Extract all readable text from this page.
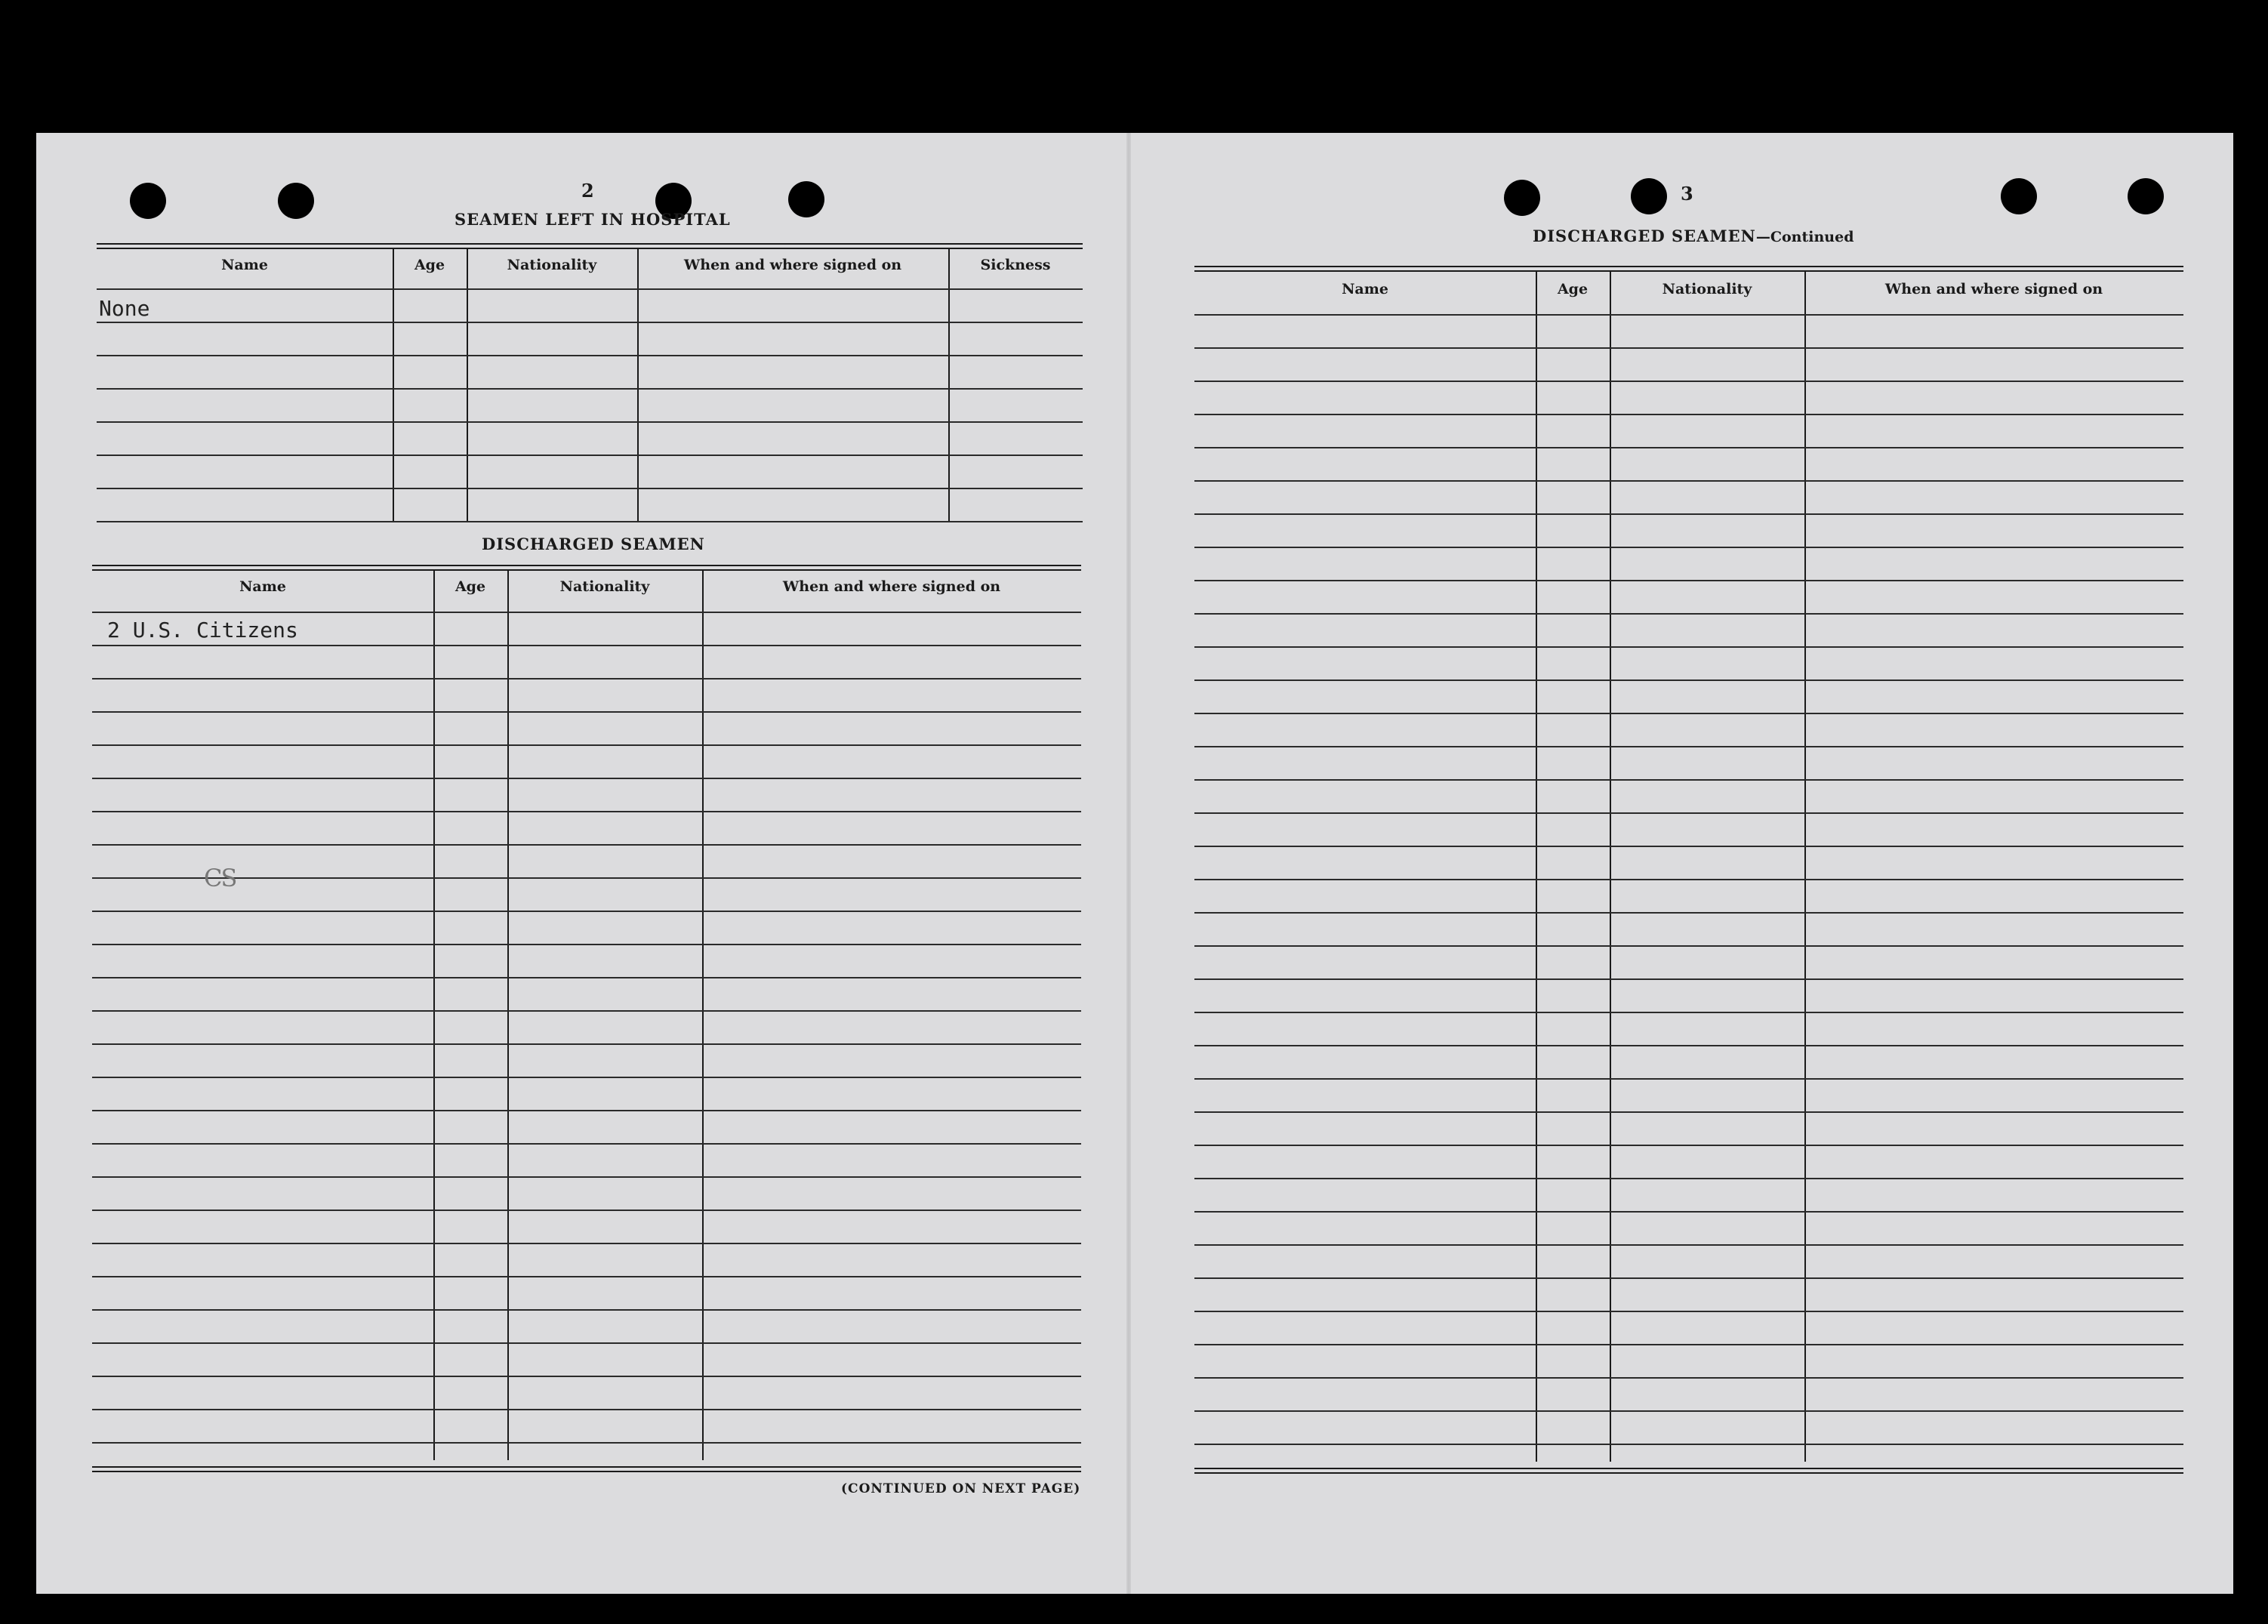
2
SEAMEN LEFT IN HOSPITAL
Name	Age	Nationality	When and where signed on	Sickness
None
DISCHARGED SEAMEN
Name	Age	Nationality	When and where signed on
2 U.S. Citizens
CS
(CONTINUED ON NEXT PAGE)
3
DISCHARGED SEAMEN—Continued
Name	Age	Nationality	When and where signed on
